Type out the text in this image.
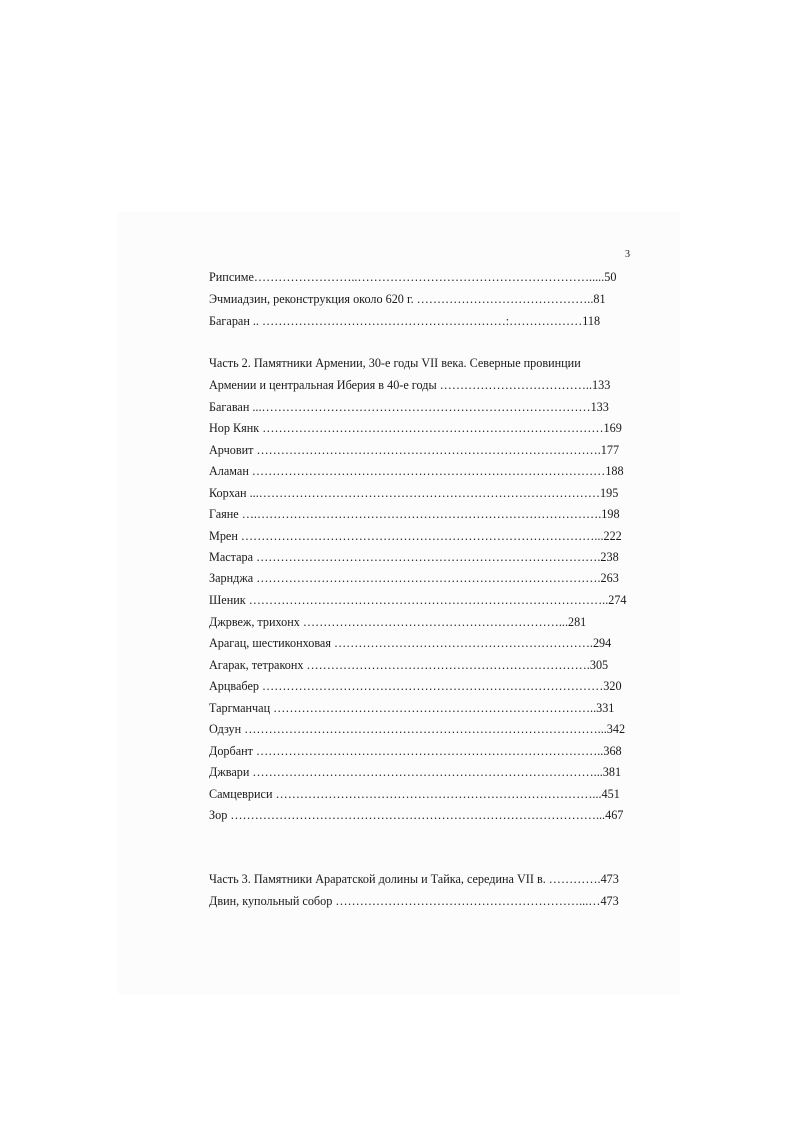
3
Рипсиме……………………..………………………………………………….....50
Эчмиадзин, реконструкция около 620 г. ……………………………………..81
Багаран .. ……………………………………………………:………………118
Часть 2. Памятники Армении, 30-е годы VII века. Северные провинции
Армении и центральная Иберия в 40-е годы ………………………………..133
Багаван ...………………………………………………………………………133
Нор Кянк …………………………………………………………………………169
Арчовит ………………………………………………………………………….177
Аламан ……………………………………………………………………………188
Корхан ...…………………………………………………………………………195
Гаяне ….………………………………………………………………………….198
Мрен ……………………………………………………………………………...222
Мастара ………………………………………………………………………….238
Зарнджа ………………………………………………………………………….263
Шеник ……………………………………………………………………………..274
Джрвеж, трихонх ………………………………………………………...281
Арагац, шестиконховая ……………………………………………………….294
Агарак, тетраконх …………………………………………………………….305
Арцвабер …………………………………………………………………………320
Таргманчац ……………………………………………………………………..331
Одзун ……………………………………………………………………………...342
Дорбант …………………………………………………………………………..368
Джвари …………………………………………………………………………...381
Самцевриси ……………………………………………………………………...451
Зор ………………………………………………………………………………...467
Часть 3. Памятники Араратской долины и Тайка, середина VII в. ………….473
Двин, купольный собор ……………………………………………………...…473
